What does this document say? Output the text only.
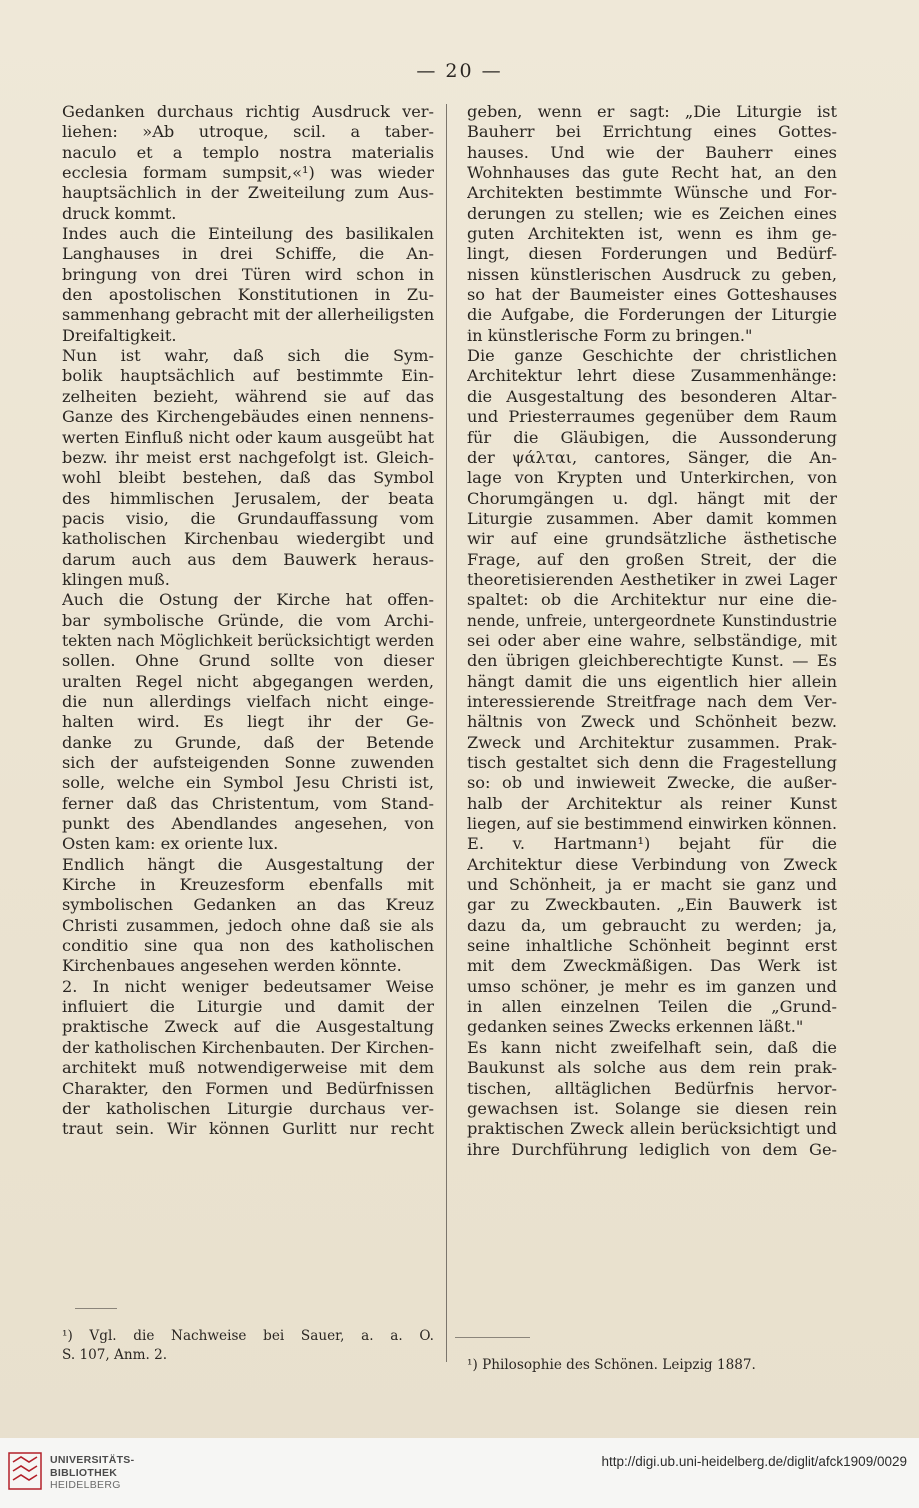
— 20 —
Gedanken durchaus richtig Ausdruck ver-
liehen: »Ab utroque, scil. a taber-
naculo et a templo nostra materialis
ecclesia formam sumpsit,«¹) was wieder
hauptsächlich in der Zweiteilung zum Aus-
druck kommt.
Indes auch die Einteilung des basilikalen
Langhauses in drei Schiffe, die An-
bringung von drei Türen wird schon in
den apostolischen Konstitutionen in Zu-
sammenhang gebracht mit der allerheiligsten
Dreifaltigkeit.
Nun ist wahr, daß sich die Sym-
bolik hauptsächlich auf bestimmte Ein-
zelheiten bezieht, während sie auf das
Ganze des Kirchengebäudes einen nennens-
werten Einfluß nicht oder kaum ausgeübt hat
bezw. ihr meist erst nachgefolgt ist. Gleich-
wohl bleibt bestehen, daß das Symbol
des himmlischen Jerusalem, der beata
pacis visio, die Grundauffassung vom
katholischen Kirchenbau wiedergibt und
darum auch aus dem Bauwerk heraus-
klingen muß.
Auch die Ostung der Kirche hat offen-
bar symbolische Gründe, die vom Archi-
tekten nach Möglichkeit berücksichtigt werden
sollen. Ohne Grund sollte von dieser
uralten Regel nicht abgegangen werden,
die nun allerdings vielfach nicht einge-
halten wird. Es liegt ihr der Ge-
danke zu Grunde, daß der Betende
sich der aufsteigenden Sonne zuwenden
solle, welche ein Symbol Jesu Christi ist,
ferner daß das Christentum, vom Stand-
punkt des Abendlandes angesehen, von
Osten kam: ex oriente lux.
Endlich hängt die Ausgestaltung der
Kirche in Kreuzesform ebenfalls mit
symbolischen Gedanken an das Kreuz
Christi zusammen, jedoch ohne daß sie als
conditio sine qua non des katholischen
Kirchenbaues angesehen werden könnte.
2. In nicht weniger bedeutsamer Weise
influiert die Liturgie und damit der
praktische Zweck auf die Ausgestaltung
der katholischen Kirchenbauten. Der Kirchen-
architekt muß notwendigerweise mit dem
Charakter, den Formen und Bedürfnissen
der katholischen Liturgie durchaus ver-
traut sein. Wir können Gurlitt nur recht
geben, wenn er sagt: „Die Liturgie ist
Bauherr bei Errichtung eines Gottes-
hauses. Und wie der Bauherr eines
Wohnhauses das gute Recht hat, an den
Architekten bestimmte Wünsche und For-
derungen zu stellen; wie es Zeichen eines
guten Architekten ist, wenn es ihm ge-
lingt, diesen Forderungen und Bedürf-
nissen künstlerischen Ausdruck zu geben,
so hat der Baumeister eines Gotteshauses
die Aufgabe, die Forderungen der Liturgie
in künstlerische Form zu bringen."
Die ganze Geschichte der christlichen
Architektur lehrt diese Zusammenhänge:
die Ausgestaltung des besonderen Altar-
und Priesterraumes gegenüber dem Raum
für die Gläubigen, die Aussonderung
der ψάλται, cantores, Sänger, die An-
lage von Krypten und Unterkirchen, von
Chorumgängen u. dgl. hängt mit der
Liturgie zusammen. Aber damit kommen
wir auf eine grundsätzliche ästhetische
Frage, auf den großen Streit, der die
theoretisierenden Aesthetiker in zwei Lager
spaltet: ob die Architektur nur eine die-
nende, unfreie, untergeordnete Kunstindustrie
sei oder aber eine wahre, selbständige, mit
den übrigen gleichberechtigte Kunst. — Es
hängt damit die uns eigentlich hier allein
interessierende Streitfrage nach dem Ver-
hältnis von Zweck und Schönheit bezw.
Zweck und Architektur zusammen. Prak-
tisch gestaltet sich denn die Fragestellung
so: ob und inwieweit Zwecke, die außer-
halb der Architektur als reiner Kunst
liegen, auf sie bestimmend einwirken können.
E. v. Hartmann¹) bejaht für die
Architektur diese Verbindung von Zweck
und Schönheit, ja er macht sie ganz und
gar zu Zweckbauten. „Ein Bauwerk ist
dazu da, um gebraucht zu werden; ja,
seine inhaltliche Schönheit beginnt erst
mit dem Zweckmäßigen. Das Werk ist
umso schöner, je mehr es im ganzen und
in allen einzelnen Teilen die „Grund-
gedanken seines Zwecks erkennen läßt."
Es kann nicht zweifelhaft sein, daß die
Baukunst als solche aus dem rein prak-
tischen, alltäglichen Bedürfnis hervor-
gewachsen ist. Solange sie diesen rein
praktischen Zweck allein berücksichtigt und
ihre Durchführung lediglich von dem Ge-
¹) Vgl. die Nachweise bei Sauer, a. a. O.
S. 107, Anm. 2.
¹) Philosophie des Schönen. Leipzig 1887.
UNIVERSITÄTS-
BIBLIOTHEK
HEIDELBERG
http://digi.ub.uni-heidelberg.de/diglit/afck1909/0029
